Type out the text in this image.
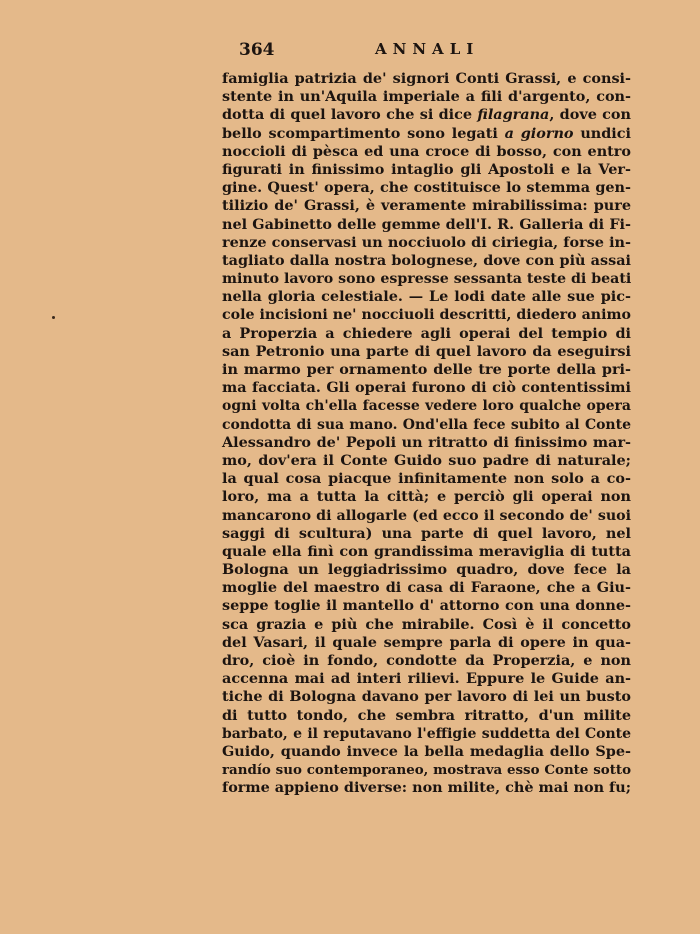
364	ANNALI
famiglia patrizia de' signori Conti Grassi, e consi-
stente in un'Aquila imperiale a fili d'argento, con-
dotta di quel lavoro che si dice filagrana, dove con
bello scompartimento sono legati a giorno undici
noccioli di pèsca ed una croce di bosso, con entro
figurati in finissimo intaglio gli Apostoli e la Ver-
gine. Quest' opera, che costituisce lo stemma gen-
tilizio de' Grassi, è veramente mirabilissima: pure
nel Gabinetto delle gemme dell'I. R. Galleria di Fi-
renze conservasi un nocciuolo di ciriegia, forse in-
tagliato dalla nostra bolognese, dove con più assai
minuto lavoro sono espresse sessanta teste di beati
nella gloria celestiale. — Le lodi date alle sue pic-
cole incisioni ne' nocciuoli descritti, diedero animo
a Properzia a chiedere agli operai del tempio di
san Petronio una parte di quel lavoro da eseguirsi
in marmo per ornamento delle tre porte della pri-
ma facciata. Gli operai furono di ciò contentissimi
ogni volta ch'ella facesse vedere loro qualche opera
condotta di sua mano. Ond'ella fece subito al Conte
Alessandro de' Pepoli un ritratto di finissimo mar-
mo, dov'era il Conte Guido suo padre di naturale;
la qual cosa piacque infinitamente non solo a co-
loro, ma a tutta la città; e perciò gli operai non
mancarono di allogarle (ed ecco il secondo de' suoi
saggi di scultura) una parte di quel lavoro, nel
quale ella finì con grandissima meraviglia di tutta
Bologna un leggiadrissimo quadro, dove fece la
moglie del maestro di casa di Faraone, che a Giu-
seppe toglie il mantello d' attorno con una donne-
sca grazia e più che mirabile. Così è il concetto
del Vasari, il quale sempre parla di opere in qua-
dro, cioè in fondo, condotte da Properzia, e non
accenna mai ad interi rilievi. Eppure le Guide an-
tiche di Bologna davano per lavoro di lei un busto
di tutto tondo, che sembra ritratto, d'un milite
barbato, e il reputavano l'effigie suddetta del Conte
Guido, quando invece la bella medaglia dello Spe-
randío suo contemporaneo, mostrava esso Conte sotto
forme appieno diverse: non milite, chè mai non fu;
